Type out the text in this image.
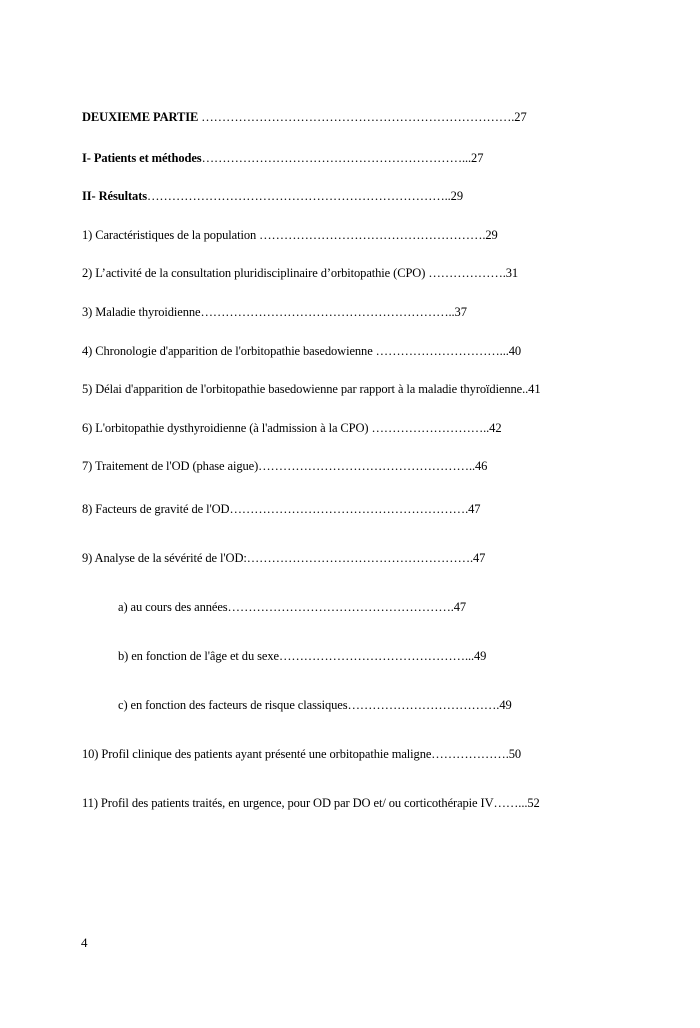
DEUXIEME PARTIE ………………………………………………………………….27
I- Patients et méthodes………………………………………………………...27
II- Résultats………………………………………………………………..29
1) Caractéristiques de la population ……………………………………………….29
2) L’activité de la consultation pluridisciplinaire d’orbitopathie (CPO) ……………….31
3) Maladie thyroidienne……………………………………………………..37
4) Chronologie d'apparition de l'orbitopathie basedowienne …………………………...40
5) Délai d'apparition de l'orbitopathie basedowienne par rapport à la maladie thyroïdienne..41
6) L'orbitopathie dysthyroidienne (à l'admission à la CPO) ………………………..42
7) Traitement de l'OD (phase aigue)……………………………………………..46
8) Facteurs de gravité de l'OD………………………………………………….47
9) Analyse de la sévérité de l'OD:……………………………………………….47
a) au cours des années……………………………………………….47
b) en fonction de l'âge et du sexe………………………………………...49
c) en fonction des facteurs de risque classiques……………………………….49
10) Profil clinique des patients ayant présenté une orbitopathie maligne……………….50
11) Profil des patients traités, en urgence, pour OD par DO et/ ou corticothérapie IV……...52
4
